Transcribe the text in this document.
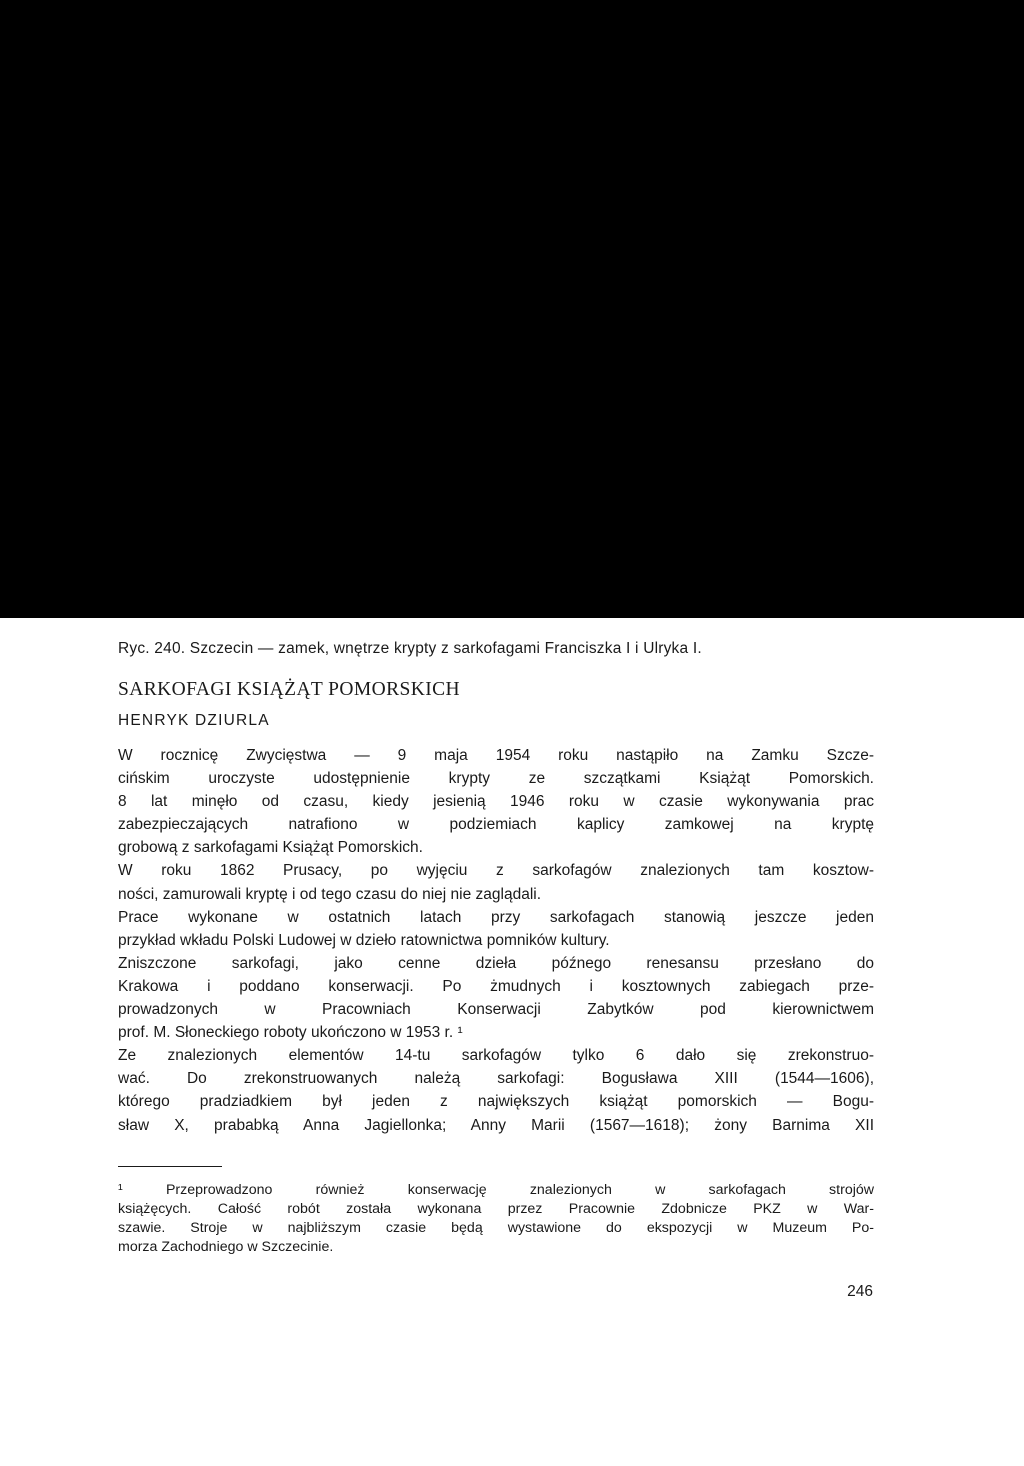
Ryc. 240. Szczecin — zamek, wnętrze krypty z sarkofagami Franciszka I i Ulryka I.
SARKOFAGI KSIĄŻĄT POMORSKICH
HENRYK DZIURLA
W rocznicę Zwycięstwa — 9 maja 1954 roku nastąpiło na Zamku Szcze-
cińskim uroczyste udostępnienie krypty ze szczątkami Książąt Pomorskich.
8 lat minęło od czasu, kiedy jesienią 1946 roku w czasie wykonywania prac
zabezpieczających natrafiono w podziemiach kaplicy zamkowej na kryptę
grobową z sarkofagami Książąt Pomorskich.
W roku 1862 Prusacy, po wyjęciu z sarkofagów znalezionych tam kosztow-
ności, zamurowali kryptę i od tego czasu do niej nie zaglądali.
Prace wykonane w ostatnich latach przy sarkofagach stanowią jeszcze jeden
przykład wkładu Polski Ludowej w dzieło ratownictwa pomników kultury.
Zniszczone sarkofagi, jako cenne dzieła późnego renesansu przesłano do
Krakowa i poddano konserwacji. Po żmudnych i kosztownych zabiegach prze-
prowadzonych w Pracowniach Konserwacji Zabytków pod kierownictwem
prof. M. Słoneckiego roboty ukończono w 1953 r. ¹
Ze znalezionych elementów 14-tu sarkofagów tylko 6 dało się zrekonstruo-
wać. Do zrekonstruowanych należą sarkofagi: Bogusława XIII (1544—1606),
którego pradziadkiem był jeden z największych książąt pomorskich — Bogu-
sław X, prababką Anna Jagiellonka; Anny Marii (1567—1618); żony Barnima XII
¹ Przeprowadzono również konserwację znalezionych w sarkofagach strojów
książęcych. Całość robót została wykonana przez Pracownie Zdobnicze PKZ w War-
szawie. Stroje w najbliższym czasie będą wystawione do ekspozycji w Muzeum Po-
morza Zachodniego w Szczecinie.
246
